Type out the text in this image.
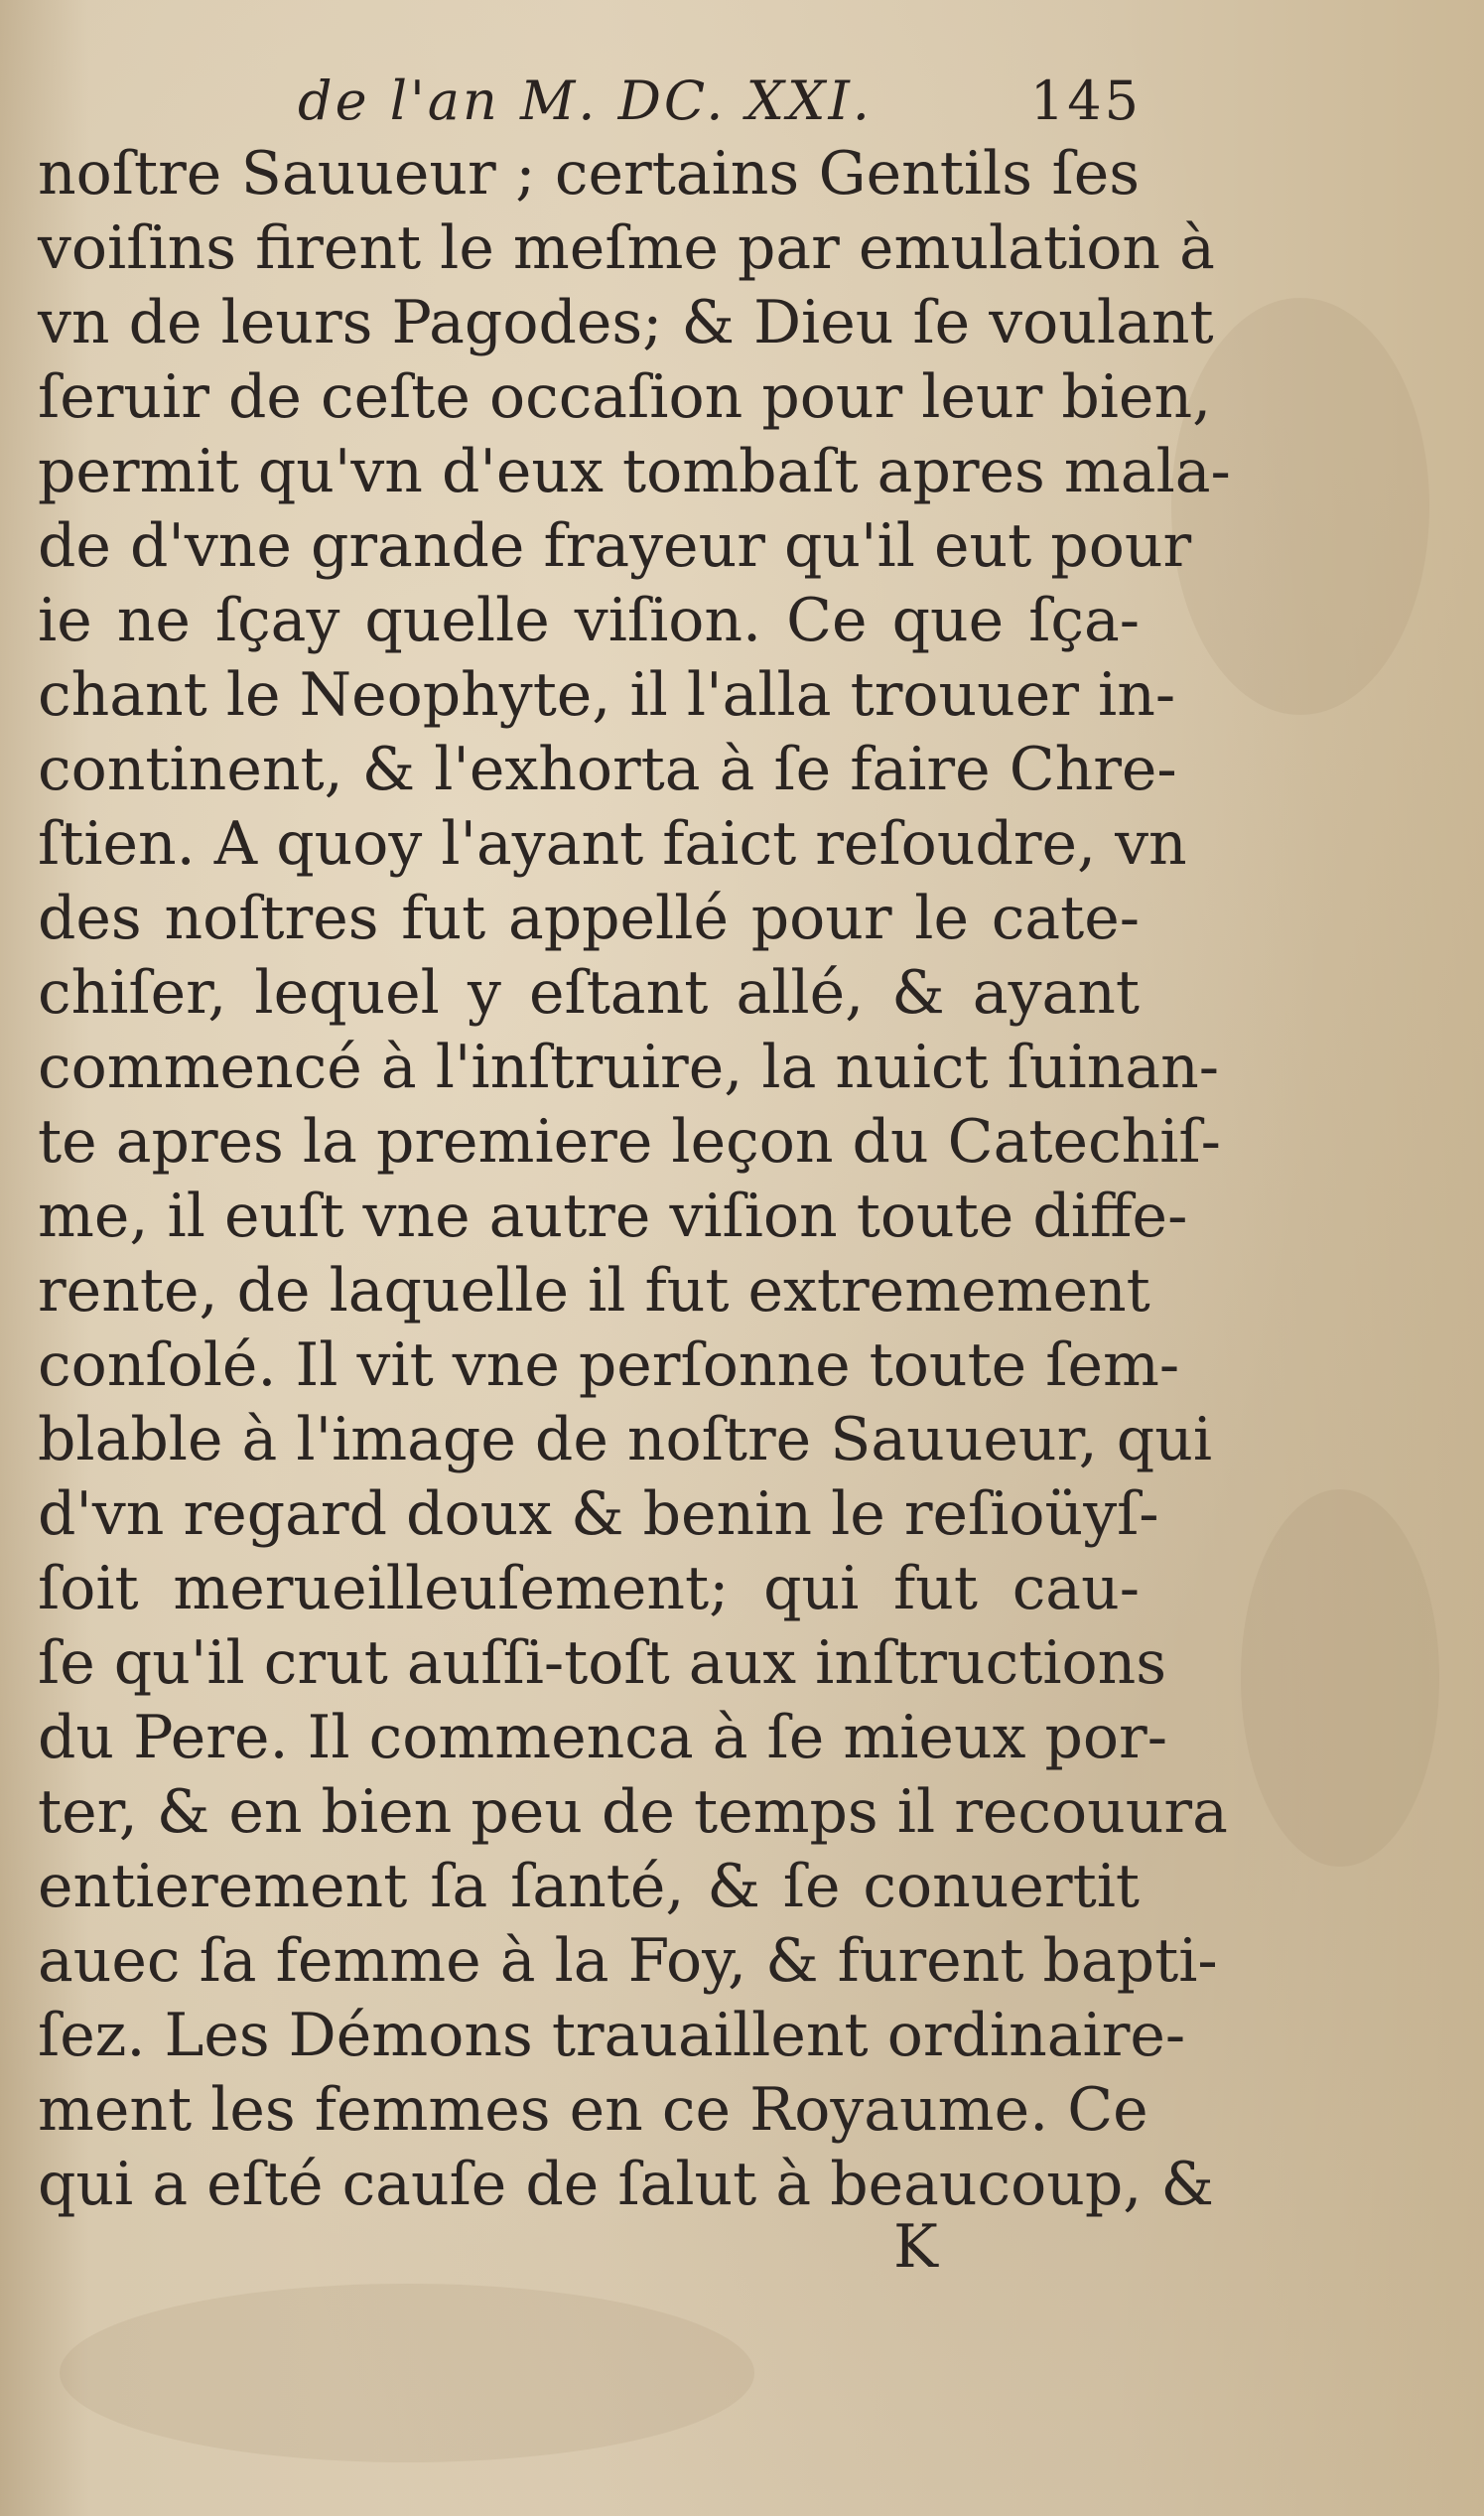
de l'an M. DC. XXI.	145
noſtre Sauueur ; certains Gentils ſes
voiſins firent le meſme par emulation à
vn de leurs Pagodes; & Dieu ſe voulant
ſeruir de ceſte occaſion pour leur bien,
permit qu'vn d'eux tombaſt apres mala-
de d'vne grande frayeur qu'il eut pour
ie ne ſçay quelle viſion. Ce que ſça-
chant le Neophyte, il l'alla trouuer in-
continent, & l'exhorta à ſe faire Chre-
ſtien. A quoy l'ayant faict reſoudre, vn
des noſtres fut appellé pour le cate-
chiſer, lequel y eſtant allé, & ayant
commencé à l'inſtruire, la nuict ſuinan-
te apres la premiere leçon du Catechiſ-
me, il euſt vne autre viſion toute diffe-
rente, de laquelle il fut extremement
conſolé. Il vit vne perſonne toute ſem-
blable à l'image de noſtre Sauueur, qui
d'vn regard doux & benin le reſioüyſ-
ſoit merueilleuſement; qui fut cau-
ſe qu'il crut auſſi-toſt aux inſtructions
du Pere. Il commenca à ſe mieux por-
ter, & en bien peu de temps il recouura
entierement ſa ſanté, & ſe conuertit
auec ſa femme à la Foy, & furent bapti-
ſez. Les Démons trauaillent ordinaire-
ment les femmes en ce Royaume. Ce
qui a eſté cauſe de ſalut à beaucoup, &
K
